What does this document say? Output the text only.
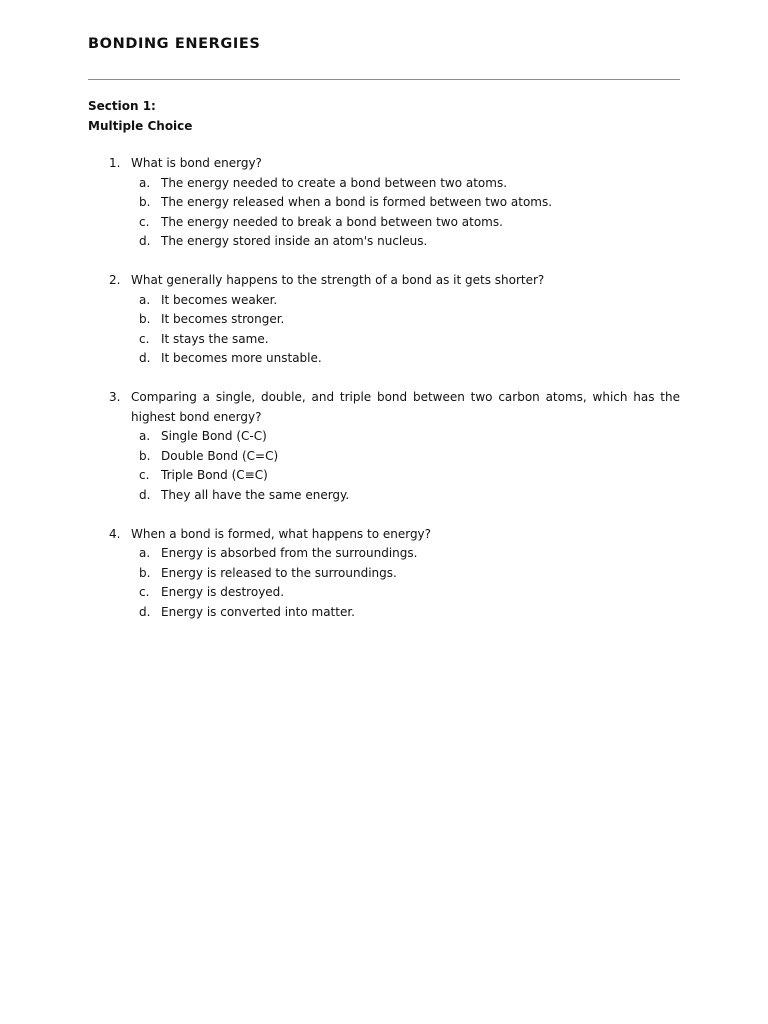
BONDING ENERGIES
Section 1:
Multiple Choice
1. What is bond energy?
a. The energy needed to create a bond between two atoms.
b. The energy released when a bond is formed between two atoms.
c. The energy needed to break a bond between two atoms.
d. The energy stored inside an atom's nucleus.
2. What generally happens to the strength of a bond as it gets shorter?
a. It becomes weaker.
b. It becomes stronger.
c. It stays the same.
d. It becomes more unstable.
3. Comparing a single, double, and triple bond between two carbon atoms, which has the highest bond energy?
a. Single Bond (C-C)
b. Double Bond (C=C)
c. Triple Bond (C≡C)
d. They all have the same energy.
4. When a bond is formed, what happens to energy?
a. Energy is absorbed from the surroundings.
b. Energy is released to the surroundings.
c. Energy is destroyed.
d. Energy is converted into matter.
